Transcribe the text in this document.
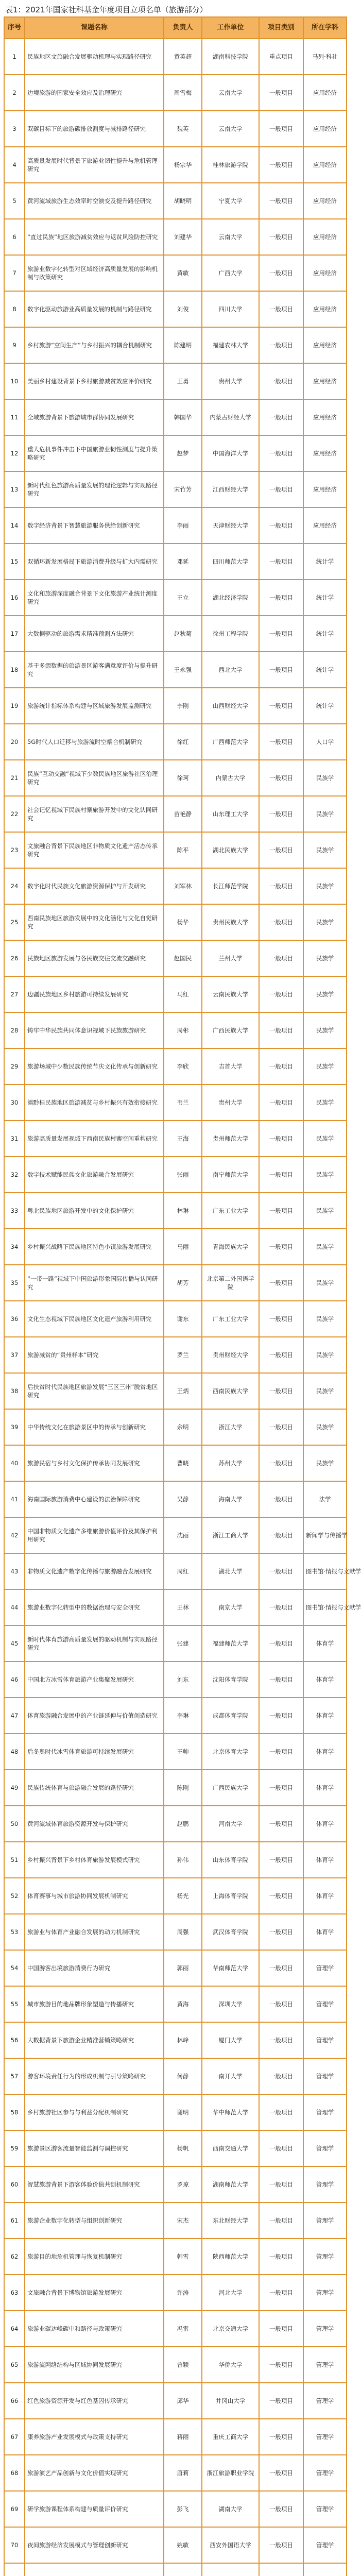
表1：2021年国家社科基金年度项目立项名单（旅游部分）
序号	课题名称	负责人	工作单位	项目类别	所在学科
1	民族地区文旅融合发展驱动机理与实现路径研究	黄英超	湖南科技学院	重点项目	马列·科社
2	边境旅游的国家安全效应及治理研究	周雪梅	云南大学	一般项目	应用经济
3	双碳目标下的旅游碳排放测度与减排路径研究	魏英	云南大学	一般项目	应用经济
4	高质量发展时代背景下旅游业韧性提升与危机管理研究	杨宗华	桂林旅游学院	一般项目	应用经济
5	黄河流域旅游生态效率时空演变及提升路径研究	胡晓明	宁夏大学	一般项目	应用经济
6	“直过民族”地区旅游减贫效应与返贫风险防控研究	刘建华	云南大学	一般项目	应用经济
7	旅游业数字化转型对区域经济高质量发展的影响机制与政策研究	黄敏	广西大学	一般项目	应用经济
8	数字化驱动旅游业高质量发展的机制与路径研究	刘俊	四川大学	一般项目	应用经济
9	乡村旅游“空间生产”与乡村振兴的耦合机制研究	陈建明	福建农林大学	一般项目	应用经济
10	美丽乡村建设背景下乡村旅游减贫效应评价研究	王勇	贵州大学	一般项目	应用经济
11	全域旅游背景下旅游城市群协同发展研究	韩国华	内蒙古财经大学	一般项目	应用经济
12	重大危机事件冲击下中国旅游业韧性测度与提升策略研究	赵梦	中国海洋大学	一般项目	应用经济
13	新时代红色旅游高质量发展的理论逻辑与实现路径研究	宋竹芳	江西财经大学	一般项目	应用经济
14	数字经济背景下智慧旅游服务供给创新研究	李丽	天津财经大学	一般项目	应用经济
15	双循环新发展格局下旅游消费升级与扩大内需研究	邓延	四川师范大学	一般项目	统计学
16	文化和旅游深度融合背景下文化旅游产业统计测度研究	王立	湖北经济学院	一般项目	统计学
17	大数据驱动的旅游需求精准预测方法研究	赵秋菊	徐州工程学院	一般项目	统计学
18	基于多源数据的旅游景区游客满意度评价与提升研究	王永强	西北大学	一般项目	统计学
19	旅游统计指标体系构建与区域旅游发展监测研究	李刚	山西财经大学	一般项目	统计学
20	5G时代人口迁移与旅游流时空耦合机制研究	徐红	广西师范大学	一般项目	人口学
21	民族“互动交融”视域下少数民族地区旅游社区治理研究	徐珂	内蒙古大学	一般项目	民族学
22	社会记忆视域下民族村寨旅游开发中的文化认同研究	苗艳静	山东理工大学	一般项目	民族学
23	文旅融合背景下民族地区非物质文化遗产活态传承研究	陈平	湖北民族大学	一般项目	民族学
24	数字化时代民族文化旅游资源保护与开发研究	刘军林	长江师范学院	一般项目	民族学
25	西南民族地区旅游发展中的文化涵化与文化自觉研究	杨华	贵州民族大学	一般项目	民族学
26	民族地区旅游发展与各民族交往交流交融研究	赵国民	兰州大学	一般项目	民族学
27	边疆民族地区乡村旅游可持续发展研究	马红	云南民族大学	一般项目	民族学
28	铸牢中华民族共同体意识视域下民族旅游研究	周彬	广西民族大学	一般项目	民族学
29	旅游场域中少数民族传统节庆文化传承与创新研究	李欣	吉首大学	一般项目	民族学
30	滇黔桂民族地区旅游减贫与乡村振兴有效衔接研究	韦兰	贵州大学	一般项目	民族学
31	旅游高质量发展视域下西南民族村寨空间重构研究	王海	贵州师范大学	一般项目	民族学
32	数字技术赋能民族文化旅游融合发展研究	张丽	南宁师范大学	一般项目	民族学
33	粤北民族地区旅游开发中的文化保护研究	林琳	广东工业大学	一般项目	民族学
34	乡村振兴战略下民族地区特色小镇旅游发展研究	马丽	青海民族大学	一般项目	民族学
35	“一带一路”视域下中国旅游形象国际传播与认同研究	胡芳	北京第二外国语学院	一般项目	民族学
36	文化生态视域下民族地区文化遗产旅游利用研究	谢东	广东工业大学	一般项目	民族学
37	旅游减贫的“贵州样本”研究	罗兰	贵州财经大学	一般项目	民族学
38	后扶贫时代民族地区旅游发展“三区三州”脱贫地区研究	王炳	西南民族大学	一般项目	民族学
39	中华传统文化在旅游景区中的传承与创新研究	余明	浙江大学	一般项目	民族学
40	旅游民宿与乡村文化保护传承协同发展研究	曹晓	苏州大学	一般项目	民族学
41	海南国际旅游消费中心建设的法治保障研究	吴静	海南大学	一般项目	法学
42	中国非物质文化遗产多维旅游价值评价及其保护利用研究	沈丽	浙江工商大学	一般项目	新闻学与传播学
43	非物质文化遗产数字化传播与旅游融合发展研究	周红	湖北大学	一般项目	图书馆·情报与文献学
44	旅游业数字化转型中的数据治理与安全研究	王林	南京大学	一般项目	图书馆·情报与文献学
45	新时代体育旅游高质量发展的驱动机制与实现路径研究	张建	福建师范大学	一般项目	体育学
46	中国北方冰雪体育旅游产业集聚发展研究	刘东	沈阳体育学院	一般项目	体育学
47	体育旅游融合发展中的产业链延伸与价值创造研究	李琳	成都体育学院	一般项目	体育学
48	后冬奥时代冰雪体育旅游可持续发展研究	王帅	北京体育大学	一般项目	体育学
49	民族传统体育与旅游融合发展的路径研究	陈刚	广西民族大学	一般项目	体育学
50	黄河流域体育旅游资源开发与保护研究	赵鹏	河南大学	一般项目	体育学
51	乡村振兴背景下乡村体育旅游发展模式研究	孙伟	山东体育学院	一般项目	体育学
52	体育赛事与城市旅游协同发展机制研究	杨光	上海体育学院	一般项目	体育学
53	旅游业与体育产业融合发展的动力机制研究	周强	武汉体育学院	一般项目	体育学
54	中国游客出境旅游消费行为研究	郭丽	华南师范大学	一般项目	管理学
55	城市旅游目的地品牌形象塑造与传播研究	黄海	深圳大学	一般项目	管理学
56	大数据背景下旅游企业精准营销策略研究	林峰	厦门大学	一般项目	管理学
57	游客环境责任行为的形成机制与引导策略研究	何静	南开大学	一般项目	管理学
58	乡村旅游社区参与与利益分配机制研究	谢明	华中师范大学	一般项目	管理学
59	旅游景区游客流量智能监测与调控研究	杨帆	西南交通大学	一般项目	管理学
60	智慧旅游背景下游客体验价值共创机制研究	罗琼	湖南师范大学	一般项目	管理学
61	旅游企业数字化转型与组织创新研究	宋杰	东北财经大学	一般项目	管理学
62	旅游目的地危机管理与恢复机制研究	韩雪	陕西师范大学	一般项目	管理学
63	文旅融合背景下博物馆旅游发展研究	许涛	河北大学	一般项目	管理学
64	旅游业碳达峰碳中和路径与政策研究	冯雷	北京交通大学	一般项目	管理学
65	旅游流网络结构与区域协同发展研究	曾颖	华侨大学	一般项目	管理学
66	红色旅游资源开发与红色基因传承研究	邱华	井冈山大学	一般项目	管理学
67	康养旅游产业发展模式与政策支持研究	蒋丽	重庆工商大学	一般项目	管理学
68	旅游演艺产品创新与文化价值实现研究	唐莉	浙江旅游职业学院	一般项目	管理学
69	研学旅游课程体系构建与质量评价研究	彭飞	湖南大学	一般项目	管理学
70	夜间旅游经济发展模式与管理创新研究	姚敏	西安外国语大学	一般项目	管理学
